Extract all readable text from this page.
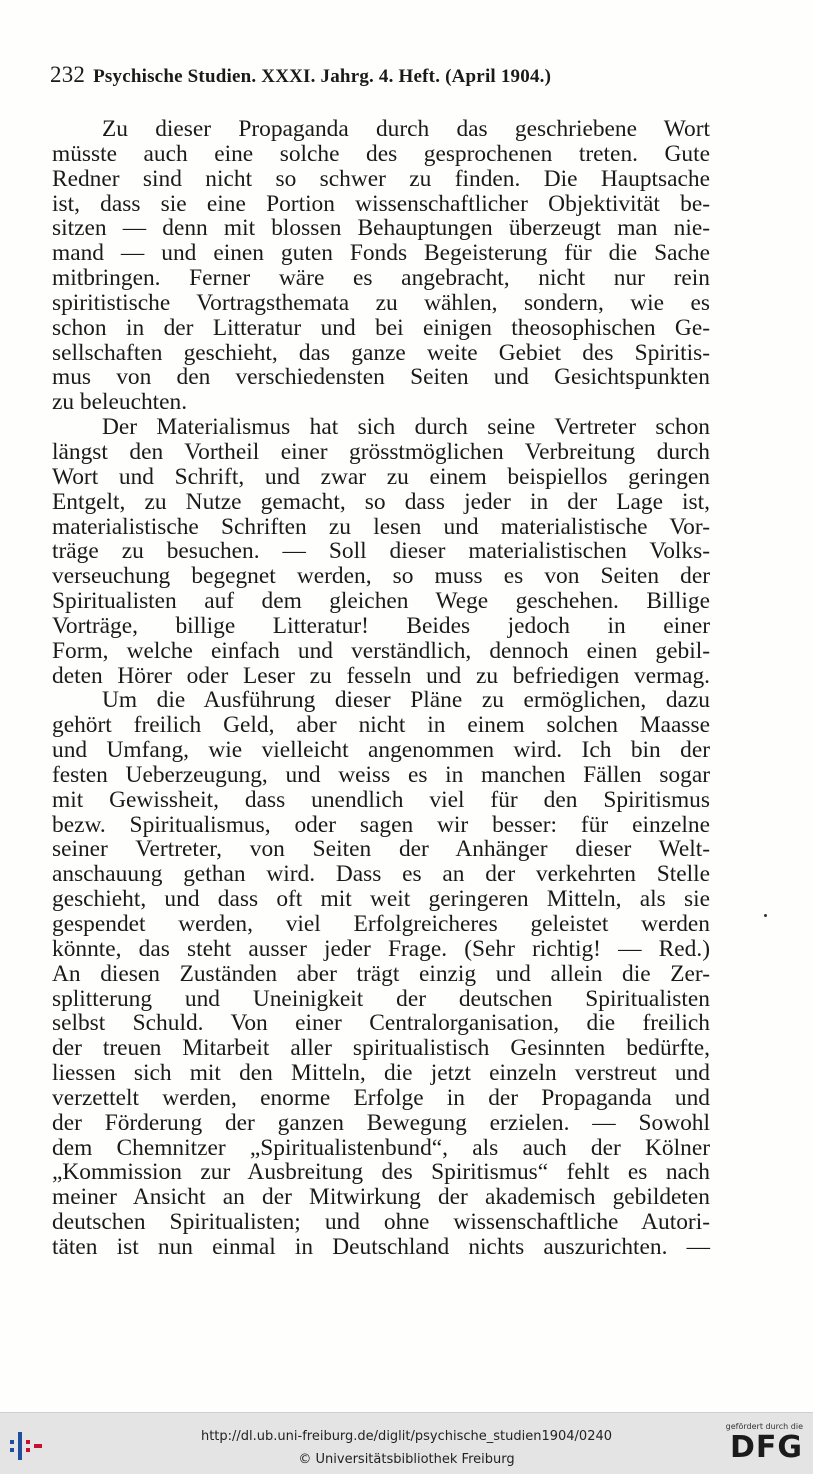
232 Psychische Studien. XXXI. Jahrg. 4. Heft. (April 1904.)
Zu dieser Propaganda durch das geschriebene Wort
müsste auch eine solche des gesprochenen treten. Gute
Redner sind nicht so schwer zu finden. Die Hauptsache
ist, dass sie eine Portion wissenschaftlicher Objektivität be-
sitzen — denn mit blossen Behauptungen überzeugt man nie-
mand — und einen guten Fonds Begeisterung für die Sache
mitbringen. Ferner wäre es angebracht, nicht nur rein
spiritistische Vortragsthemata zu wählen, sondern, wie es
schon in der Litteratur und bei einigen theosophischen Ge-
sellschaften geschieht, das ganze weite Gebiet des Spiritis-
mus von den verschiedensten Seiten und Gesichtspunkten
zu beleuchten.
Der Materialismus hat sich durch seine Vertreter schon
längst den Vortheil einer grösstmöglichen Verbreitung durch
Wort und Schrift, und zwar zu einem beispiellos geringen
Entgelt, zu Nutze gemacht, so dass jeder in der Lage ist,
materialistische Schriften zu lesen und materialistische Vor-
träge zu besuchen. — Soll dieser materialistischen Volks-
verseuchung begegnet werden, so muss es von Seiten der
Spiritualisten auf dem gleichen Wege geschehen. Billige
Vorträge, billige Litteratur! Beides jedoch in einer
Form, welche einfach und verständlich, dennoch einen gebil-
deten Hörer oder Leser zu fesseln und zu befriedigen vermag.
Um die Ausführung dieser Pläne zu ermöglichen, dazu
gehört freilich Geld, aber nicht in einem solchen Maasse
und Umfang, wie vielleicht angenommen wird. Ich bin der
festen Ueberzeugung, und weiss es in manchen Fällen sogar
mit Gewissheit, dass unendlich viel für den Spiritismus
bezw. Spiritualismus, oder sagen wir besser: für einzelne
seiner Vertreter, von Seiten der Anhänger dieser Welt-
anschauung gethan wird. Dass es an der verkehrten Stelle
geschieht, und dass oft mit weit geringeren Mitteln, als sie
gespendet werden, viel Erfolgreicheres geleistet werden
könnte, das steht ausser jeder Frage. (Sehr richtig! — Red.)
An diesen Zuständen aber trägt einzig und allein die Zer-
splitterung und Uneinigkeit der deutschen Spiritualisten
selbst Schuld. Von einer Centralorganisation, die freilich
der treuen Mitarbeit aller spiritualistisch Gesinnten bedürfte,
liessen sich mit den Mitteln, die jetzt einzeln verstreut und
verzettelt werden, enorme Erfolge in der Propaganda und
der Förderung der ganzen Bewegung erzielen. — Sowohl
dem Chemnitzer „Spiritualistenbund“, als auch der Kölner
„Kommission zur Ausbreitung des Spiritismus“ fehlt es nach
meiner Ansicht an der Mitwirkung der akademisch gebildeten
deutschen Spiritualisten; und ohne wissenschaftliche Autori-
täten ist nun einmal in Deutschland nichts auszurichten. —
http://dl.ub.uni-freiburg.de/diglit/psychische_studien1904/0240
© Universitätsbibliothek Freiburg
gefördert durch die
DFG
